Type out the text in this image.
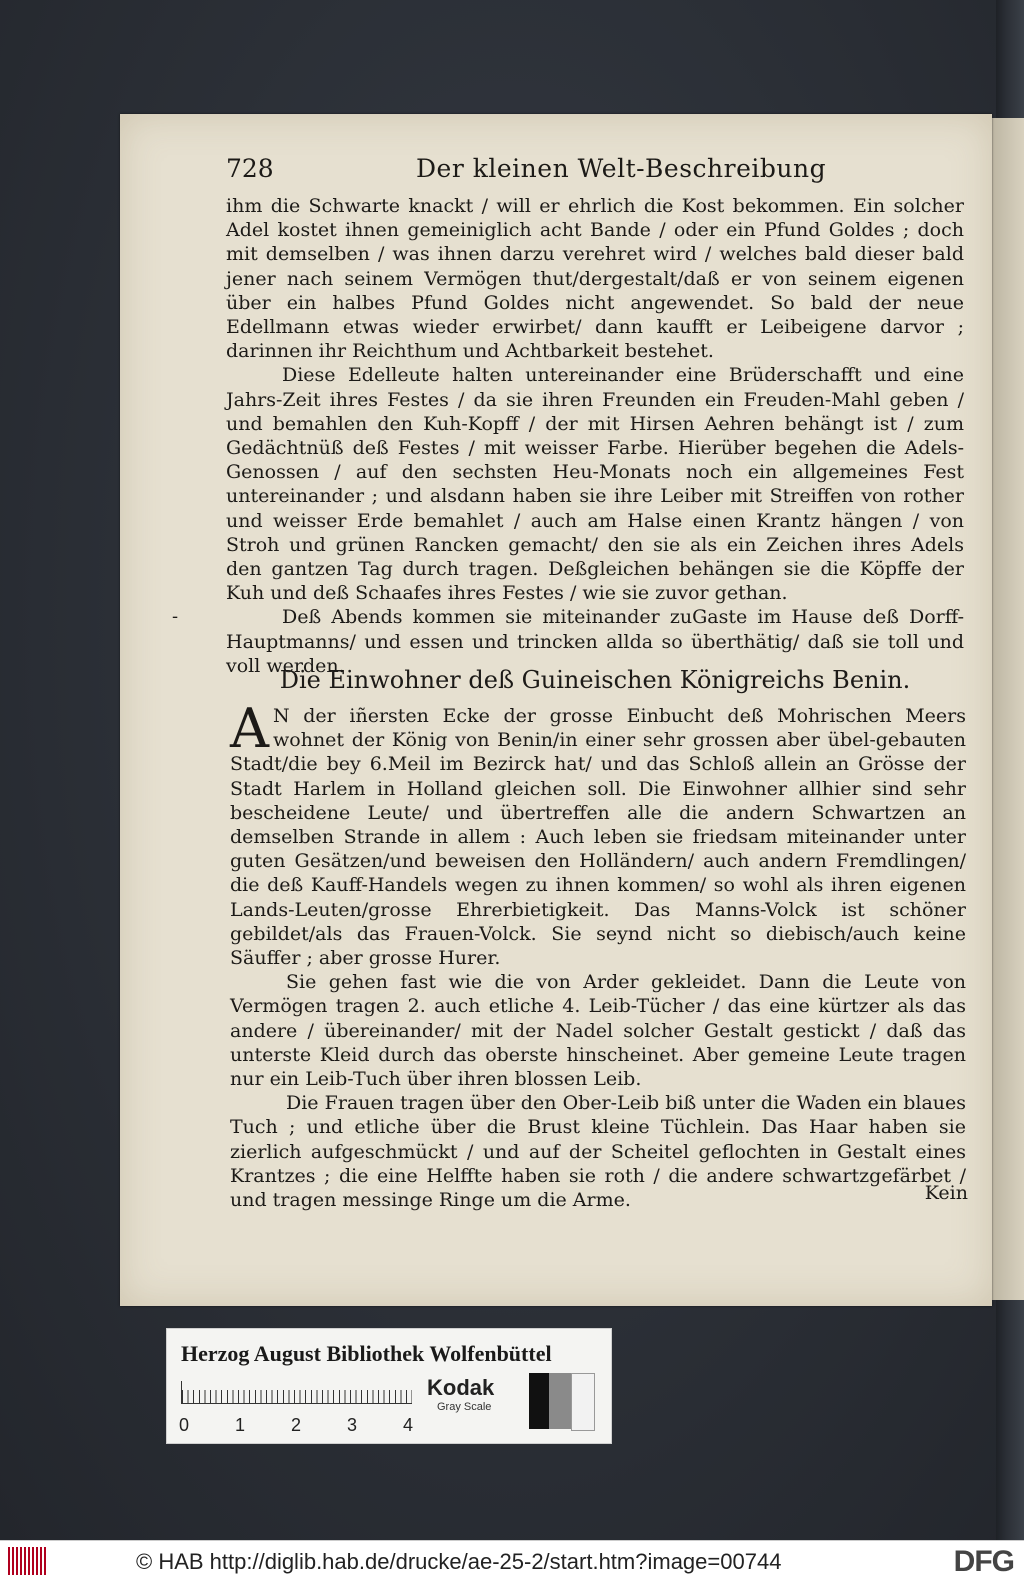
728	Der kleinen Welt-Beschreibung
-

ihm die Schwarte knackt / will er ehrlich die Kost bekommen. Ein solcher Adel kostet ihnen gemeiniglich acht Bande / oder ein Pfund Goldes ; doch mit demselben / was ihnen darzu verehret wird / welches bald dieser bald jener nach seinem Vermögen thut/dergestalt/daß er von seinem eigenen über ein halbes Pfund Goldes nicht angewendet. So bald der neue Edellmann etwas wieder erwirbet/ dann kaufft er Leibeigene darvor ; darinnen ihr Reichthum und Achtbarkeit bestehet.

Diese Edelleute halten untereinander eine Brüderschafft und eine Jahrs-Zeit ihres Festes / da sie ihren Freunden ein Freuden-Mahl geben / und bemahlen den Kuh-Kopff / der mit Hirsen Aehren behängt ist / zum Gedächtnüß deß Festes / mit weisser Farbe. Hierüber begehen die Adels-Genossen / auf den sechsten Heu-Monats noch ein allgemeines Fest untereinander ; und alsdann haben sie ihre Leiber mit Streiffen von rother und weisser Erde bemahlet / auch am Halse einen Krantz hängen / von Stroh und grünen Rancken gemacht/ den sie als ein Zeichen ihres Adels den gantzen Tag durch tragen. Deßgleichen behängen sie die Köpffe der Kuh und deß Schaafes ihres Festes / wie sie zuvor gethan.

Deß Abends kommen sie miteinander zuGaste im Hause deß Dorff-Hauptmanns/ und essen und trincken allda so überthätig/ daß sie toll und voll werden.

Die Einwohner deß Guineischen Königreichs Benin.

A N der iñersten Ecke der grosse Einbucht deß Mohrischen Meers wohnet der König von Benin/in einer sehr grossen aber übel-gebauten Stadt/die bey 6.Meil im Bezirck hat/ und das Schloß allein an Grösse der Stadt Harlem in Holland gleichen soll. Die Einwohner allhier sind sehr bescheidene Leute/ und übertreffen alle die andern Schwartzen an demselben Strande in allem : Auch leben sie friedsam miteinander unter guten Gesätzen/und beweisen den Holländern/ auch andern Fremdlingen/ die deß Kauff-Handels wegen zu ihnen kommen/ so wohl als ihren eigenen Lands-Leuten/grosse Ehrerbietigkeit. Das Manns-Volck ist schöner gebildet/als das Frauen-Volck. Sie seynd nicht so diebisch/auch keine Säuffer ; aber grosse Hurer.

Sie gehen fast wie die von Arder gekleidet. Dann die Leute von Vermögen tragen 2. auch etliche 4. Leib-Tücher / das eine kürtzer als das andere / übereinander/ mit der Nadel solcher Gestalt gestickt / daß das unterste Kleid durch das oberste hinscheinet. Aber gemeine Leute tragen nur ein Leib-Tuch über ihren blossen Leib.

Die Frauen tragen über den Ober-Leib biß unter die Waden ein blaues Tuch ; und etliche über die Brust kleine Tüchlein. Das Haar haben sie zierlich aufgeschmückt / und auf der Scheitel geflochten in Gestalt eines Krantzes ; die eine Helffte haben sie roth / die andere schwartzgefärbet / und tragen messinge Ringe um die Arme.	Kein
Herzog August Bibliothek Wolfenbüttel
0	1	2	3	4
Kodak
Gray Scale
© HAB http://diglib.hab.de/drucke/ae-25-2/start.htm?image=00744	DFG
